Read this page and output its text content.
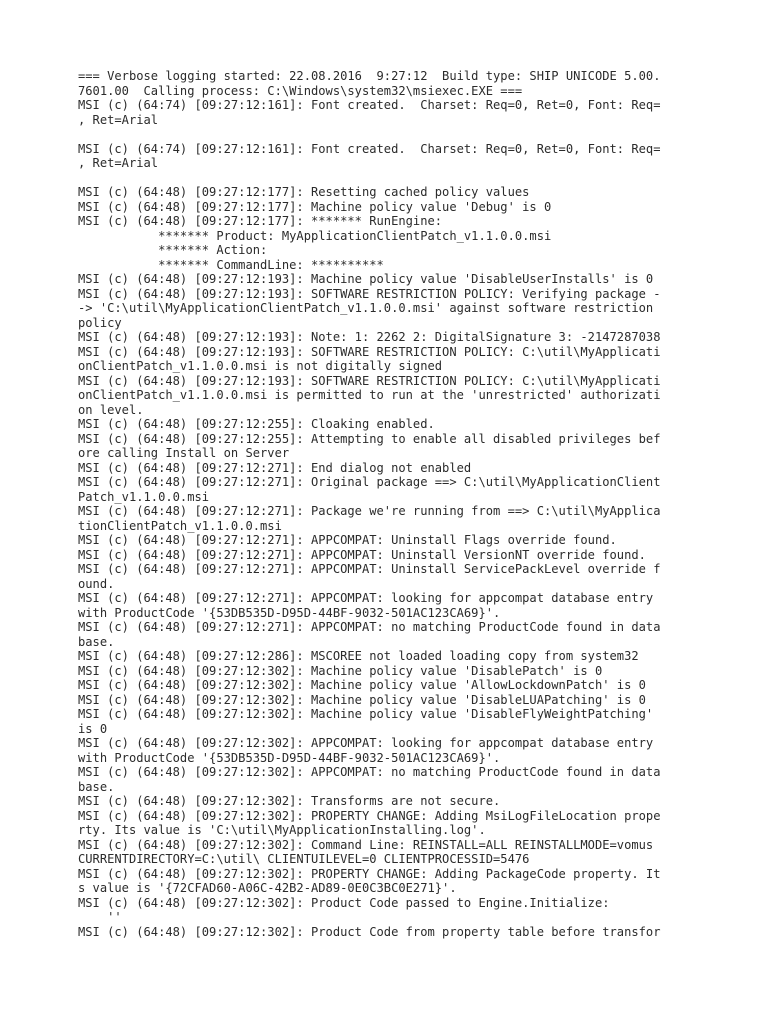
=== Verbose logging started: 22.08.2016  9:27:12  Build type: SHIP UNICODE 5.00.
7601.00  Calling process: C:\Windows\system32\msiexec.EXE ===
MSI (c) (64:74) [09:27:12:161]: Font created.  Charset: Req=0, Ret=0, Font: Req=
, Ret=Arial

MSI (c) (64:74) [09:27:12:161]: Font created.  Charset: Req=0, Ret=0, Font: Req=
, Ret=Arial

MSI (c) (64:48) [09:27:12:177]: Resetting cached policy values
MSI (c) (64:48) [09:27:12:177]: Machine policy value 'Debug' is 0
MSI (c) (64:48) [09:27:12:177]: ******* RunEngine:
******* Product: MyApplicationClientPatch_v1.1.0.0.msi
******* Action:
******* CommandLine: **********
MSI (c) (64:48) [09:27:12:193]: Machine policy value 'DisableUserInstalls' is 0
MSI (c) (64:48) [09:27:12:193]: SOFTWARE RESTRICTION POLICY: Verifying package -
-> 'C:\util\MyApplicationClientPatch_v1.1.0.0.msi' against software restriction
policy
MSI (c) (64:48) [09:27:12:193]: Note: 1: 2262 2: DigitalSignature 3: -2147287038
MSI (c) (64:48) [09:27:12:193]: SOFTWARE RESTRICTION POLICY: C:\util\MyApplicati
onClientPatch_v1.1.0.0.msi is not digitally signed
MSI (c) (64:48) [09:27:12:193]: SOFTWARE RESTRICTION POLICY: C:\util\MyApplicati
onClientPatch_v1.1.0.0.msi is permitted to run at the 'unrestricted' authorizati
on level.
MSI (c) (64:48) [09:27:12:255]: Cloaking enabled.
MSI (c) (64:48) [09:27:12:255]: Attempting to enable all disabled privileges bef
ore calling Install on Server
MSI (c) (64:48) [09:27:12:271]: End dialog not enabled
MSI (c) (64:48) [09:27:12:271]: Original package ==> C:\util\MyApplicationClient
Patch_v1.1.0.0.msi
MSI (c) (64:48) [09:27:12:271]: Package we're running from ==> C:\util\MyApplica
tionClientPatch_v1.1.0.0.msi
MSI (c) (64:48) [09:27:12:271]: APPCOMPAT: Uninstall Flags override found.
MSI (c) (64:48) [09:27:12:271]: APPCOMPAT: Uninstall VersionNT override found.
MSI (c) (64:48) [09:27:12:271]: APPCOMPAT: Uninstall ServicePackLevel override f
ound.
MSI (c) (64:48) [09:27:12:271]: APPCOMPAT: looking for appcompat database entry
with ProductCode '{53DB535D-D95D-44BF-9032-501AC123CA69}'.
MSI (c) (64:48) [09:27:12:271]: APPCOMPAT: no matching ProductCode found in data
base.
MSI (c) (64:48) [09:27:12:286]: MSCOREE not loaded loading copy from system32
MSI (c) (64:48) [09:27:12:302]: Machine policy value 'DisablePatch' is 0
MSI (c) (64:48) [09:27:12:302]: Machine policy value 'AllowLockdownPatch' is 0
MSI (c) (64:48) [09:27:12:302]: Machine policy value 'DisableLUAPatching' is 0
MSI (c) (64:48) [09:27:12:302]: Machine policy value 'DisableFlyWeightPatching'
is 0
MSI (c) (64:48) [09:27:12:302]: APPCOMPAT: looking for appcompat database entry
with ProductCode '{53DB535D-D95D-44BF-9032-501AC123CA69}'.
MSI (c) (64:48) [09:27:12:302]: APPCOMPAT: no matching ProductCode found in data
base.
MSI (c) (64:48) [09:27:12:302]: Transforms are not secure.
MSI (c) (64:48) [09:27:12:302]: PROPERTY CHANGE: Adding MsiLogFileLocation prope
rty. Its value is 'C:\util\MyApplicationInstalling.log'.
MSI (c) (64:48) [09:27:12:302]: Command Line: REINSTALL=ALL REINSTALLMODE=vomus
CURRENTDIRECTORY=C:\util\ CLIENTUILEVEL=0 CLIENTPROCESSID=5476
MSI (c) (64:48) [09:27:12:302]: PROPERTY CHANGE: Adding PackageCode property. It
s value is '{72CFAD60-A06C-42B2-AD89-0E0C3BC0E271}'.
MSI (c) (64:48) [09:27:12:302]: Product Code passed to Engine.Initialize:
''
MSI (c) (64:48) [09:27:12:302]: Product Code from property table before transfor
